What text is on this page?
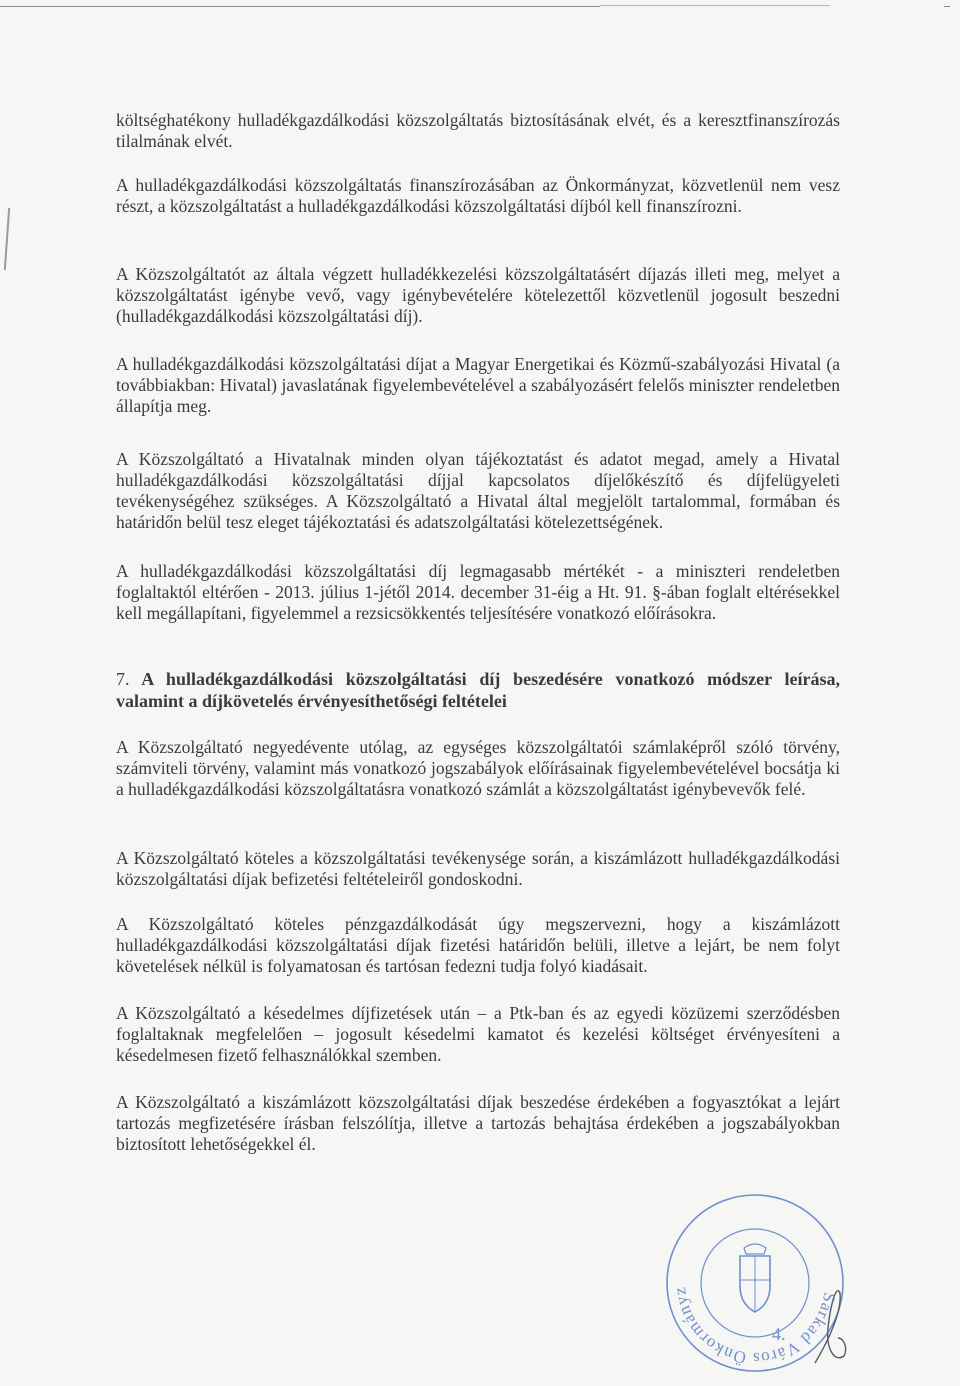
költséghatékony hulladékgazdálkodási közszolgáltatás biztosításának elvét, és a keresztfinanszírozás tilalmának elvét.

A hulladékgazdálkodási közszolgáltatás finanszírozásában az Önkormányzat, közvetlenül nem vesz részt, a közszolgáltatást a hulladékgazdálkodási közszolgáltatási díjból kell finanszírozni.

A Közszolgáltatót az általa végzett hulladékkezelési közszolgáltatásért díjazás illeti meg, melyet a közszolgáltatást igénybe vevő, vagy igénybevételére kötelezettől közvetlenül jogosult beszedni (hulladékgazdálkodási közszolgáltatási díj).

A hulladékgazdálkodási közszolgáltatási díjat a Magyar Energetikai és Közmű-szabályozási Hivatal (a továbbiakban: Hivatal) javaslatának figyelembevételével a szabályozásért felelős miniszter rendeletben állapítja meg.

A Közszolgáltató a Hivatalnak minden olyan tájékoztatást és adatot megad, amely a Hivatal hulladékgazdálkodási közszolgáltatási díjjal kapcsolatos díjelőkészítő és díjfelügyeleti tevékenységéhez szükséges. A Közszolgáltató a Hivatal által megjelölt tartalommal, formában és határidőn belül tesz eleget tájékoztatási és adatszolgáltatási kötelezettségének.

A hulladékgazdálkodási közszolgáltatási díj legmagasabb mértékét - a miniszteri rendeletben foglaltaktól eltérően - 2013. július 1-jétől 2014. december 31-éig a Ht. 91. §-ában foglalt eltérésekkel kell megállapítani, figyelemmel a rezsicsökkentés teljesítésére vonatkozó előírásokra.

7. A hulladékgazdálkodási közszolgáltatási díj beszedésére vonatkozó módszer leírása, valamint a díjkövetelés érvényesíthetőségi feltételei

A Közszolgáltató negyedévente utólag, az egységes közszolgáltatói számlaképről szóló törvény, számviteli törvény, valamint más vonatkozó jogszabályok előírásainak figyelembevételével bocsátja ki a hulladékgazdálkodási közszolgáltatásra vonatkozó számlát a közszolgáltatást igénybevevők felé.

A Közszolgáltató köteles a közszolgáltatási tevékenysége során, a kiszámlázott hulladékgazdálkodási közszolgáltatási díjak befizetési feltételeiről gondoskodni.

A Közszolgáltató köteles pénzgazdálkodását úgy megszervezni, hogy a kiszámlázott hulladékgazdálkodási közszolgáltatási díjak fizetési határidőn belüli, illetve a lejárt, be nem folyt követelések nélkül is folyamatosan és tartósan fedezni tudja folyó kiadásait.

A Közszolgáltató a késedelmes díjfizetések után – a Ptk-ban és az egyedi közüzemi szerződésben foglaltaknak megfelelően – jogosult késedelmi kamatot és kezelési költséget érvényesíteni a késedelmesen fizető felhasználókkal szemben.

A Közszolgáltató a kiszámlázott közszolgáltatási díjak beszedése érdekében a fogyasztókat a lejárt tartozás megfizetésére írásban felszólítja, illetve a tartozás behajtása érdekében a jogszabályokban biztosított lehetőségekkel él.

Sarkad Város Önkormányzata * Békés megye *
4.
